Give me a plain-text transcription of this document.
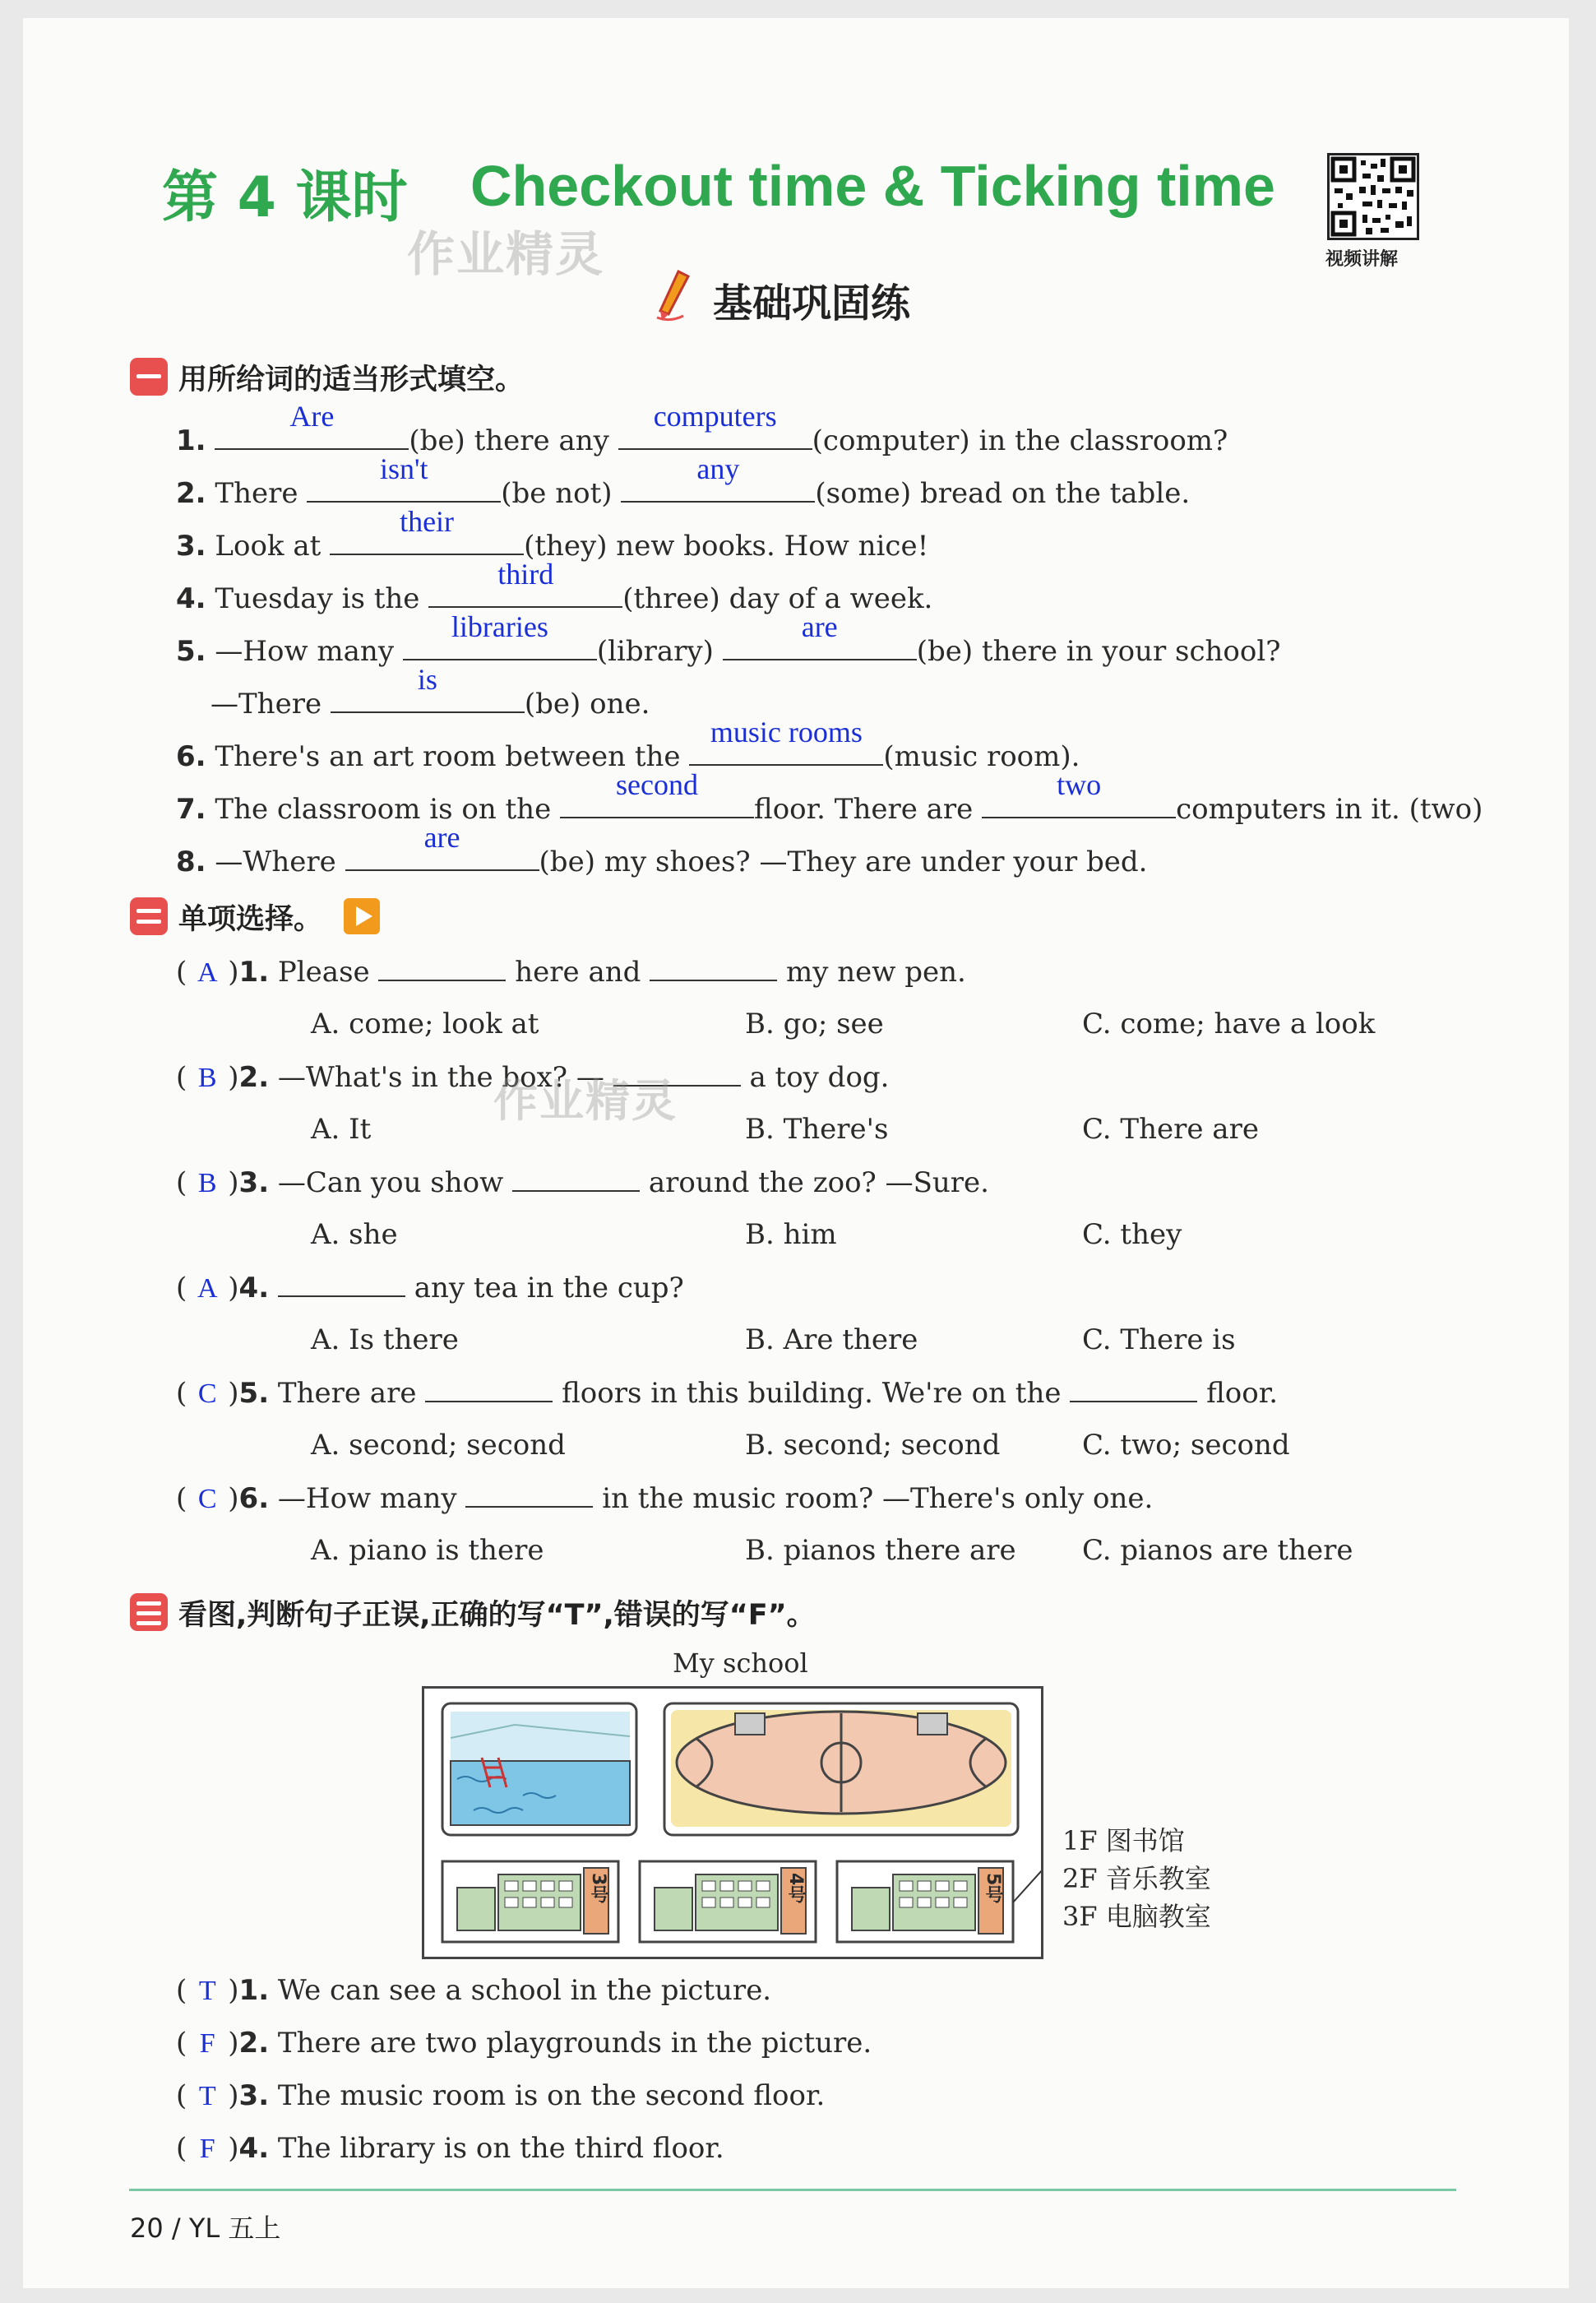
第 4 课时 Checkout time & Ticking time
作业精灵	视频讲解
基础巩固练
用所给词的适当形式填空。
1.
Are
(be) there any
computers
(computer) in the classroom?
2. There
isn't
(be not)
any
(some) bread on the table.
3. Look at
their
(they) new books. How nice!
4. Tuesday is the
third
(three) day of a week.
5. —How many
libraries
(library)
are
(be) there in your school?
—There
is
(be) one.
6. There's an art room between the
music rooms
(music room).
7. The classroom is on the
second
floor. There are
two
computers in it. (two)
8. —Where
are
(be) my shoes? —They are under your bed.
单项选择。
( A )1. Please	here and	my new pen.
A. come; look at	B. go; see	C. come; have a look
( B )2. —What's in the box? —	a toy dog.
作业精灵
A. It	B. There's	C. There are
( B )3. —Can you show	around the zoo? —Sure.
A. she	B. him	C. they
( A )4.	any tea in the cup?
A. Is there	B. Are there	C. There is
( C )5. There are	floors in this building. We're on the	floor.
A. second; second	B. second; second	C. two; second
( C )6. —How many	in the music room? —There's only one.
A. piano is there	B. pianos there are C. pianos are there
看图,判断句子正误,正确的写“T”,错误的写“F”。
My school
3号	4号	5号
1F 图书馆
2F 音乐教室
3F 电脑教室
( T )1. We can see a school in the picture.
( F )2. There are two playgrounds in the picture.
( T )3. The music room is on the second floor.
( F )4. The library is on the third floor.
20 / YL 五上
